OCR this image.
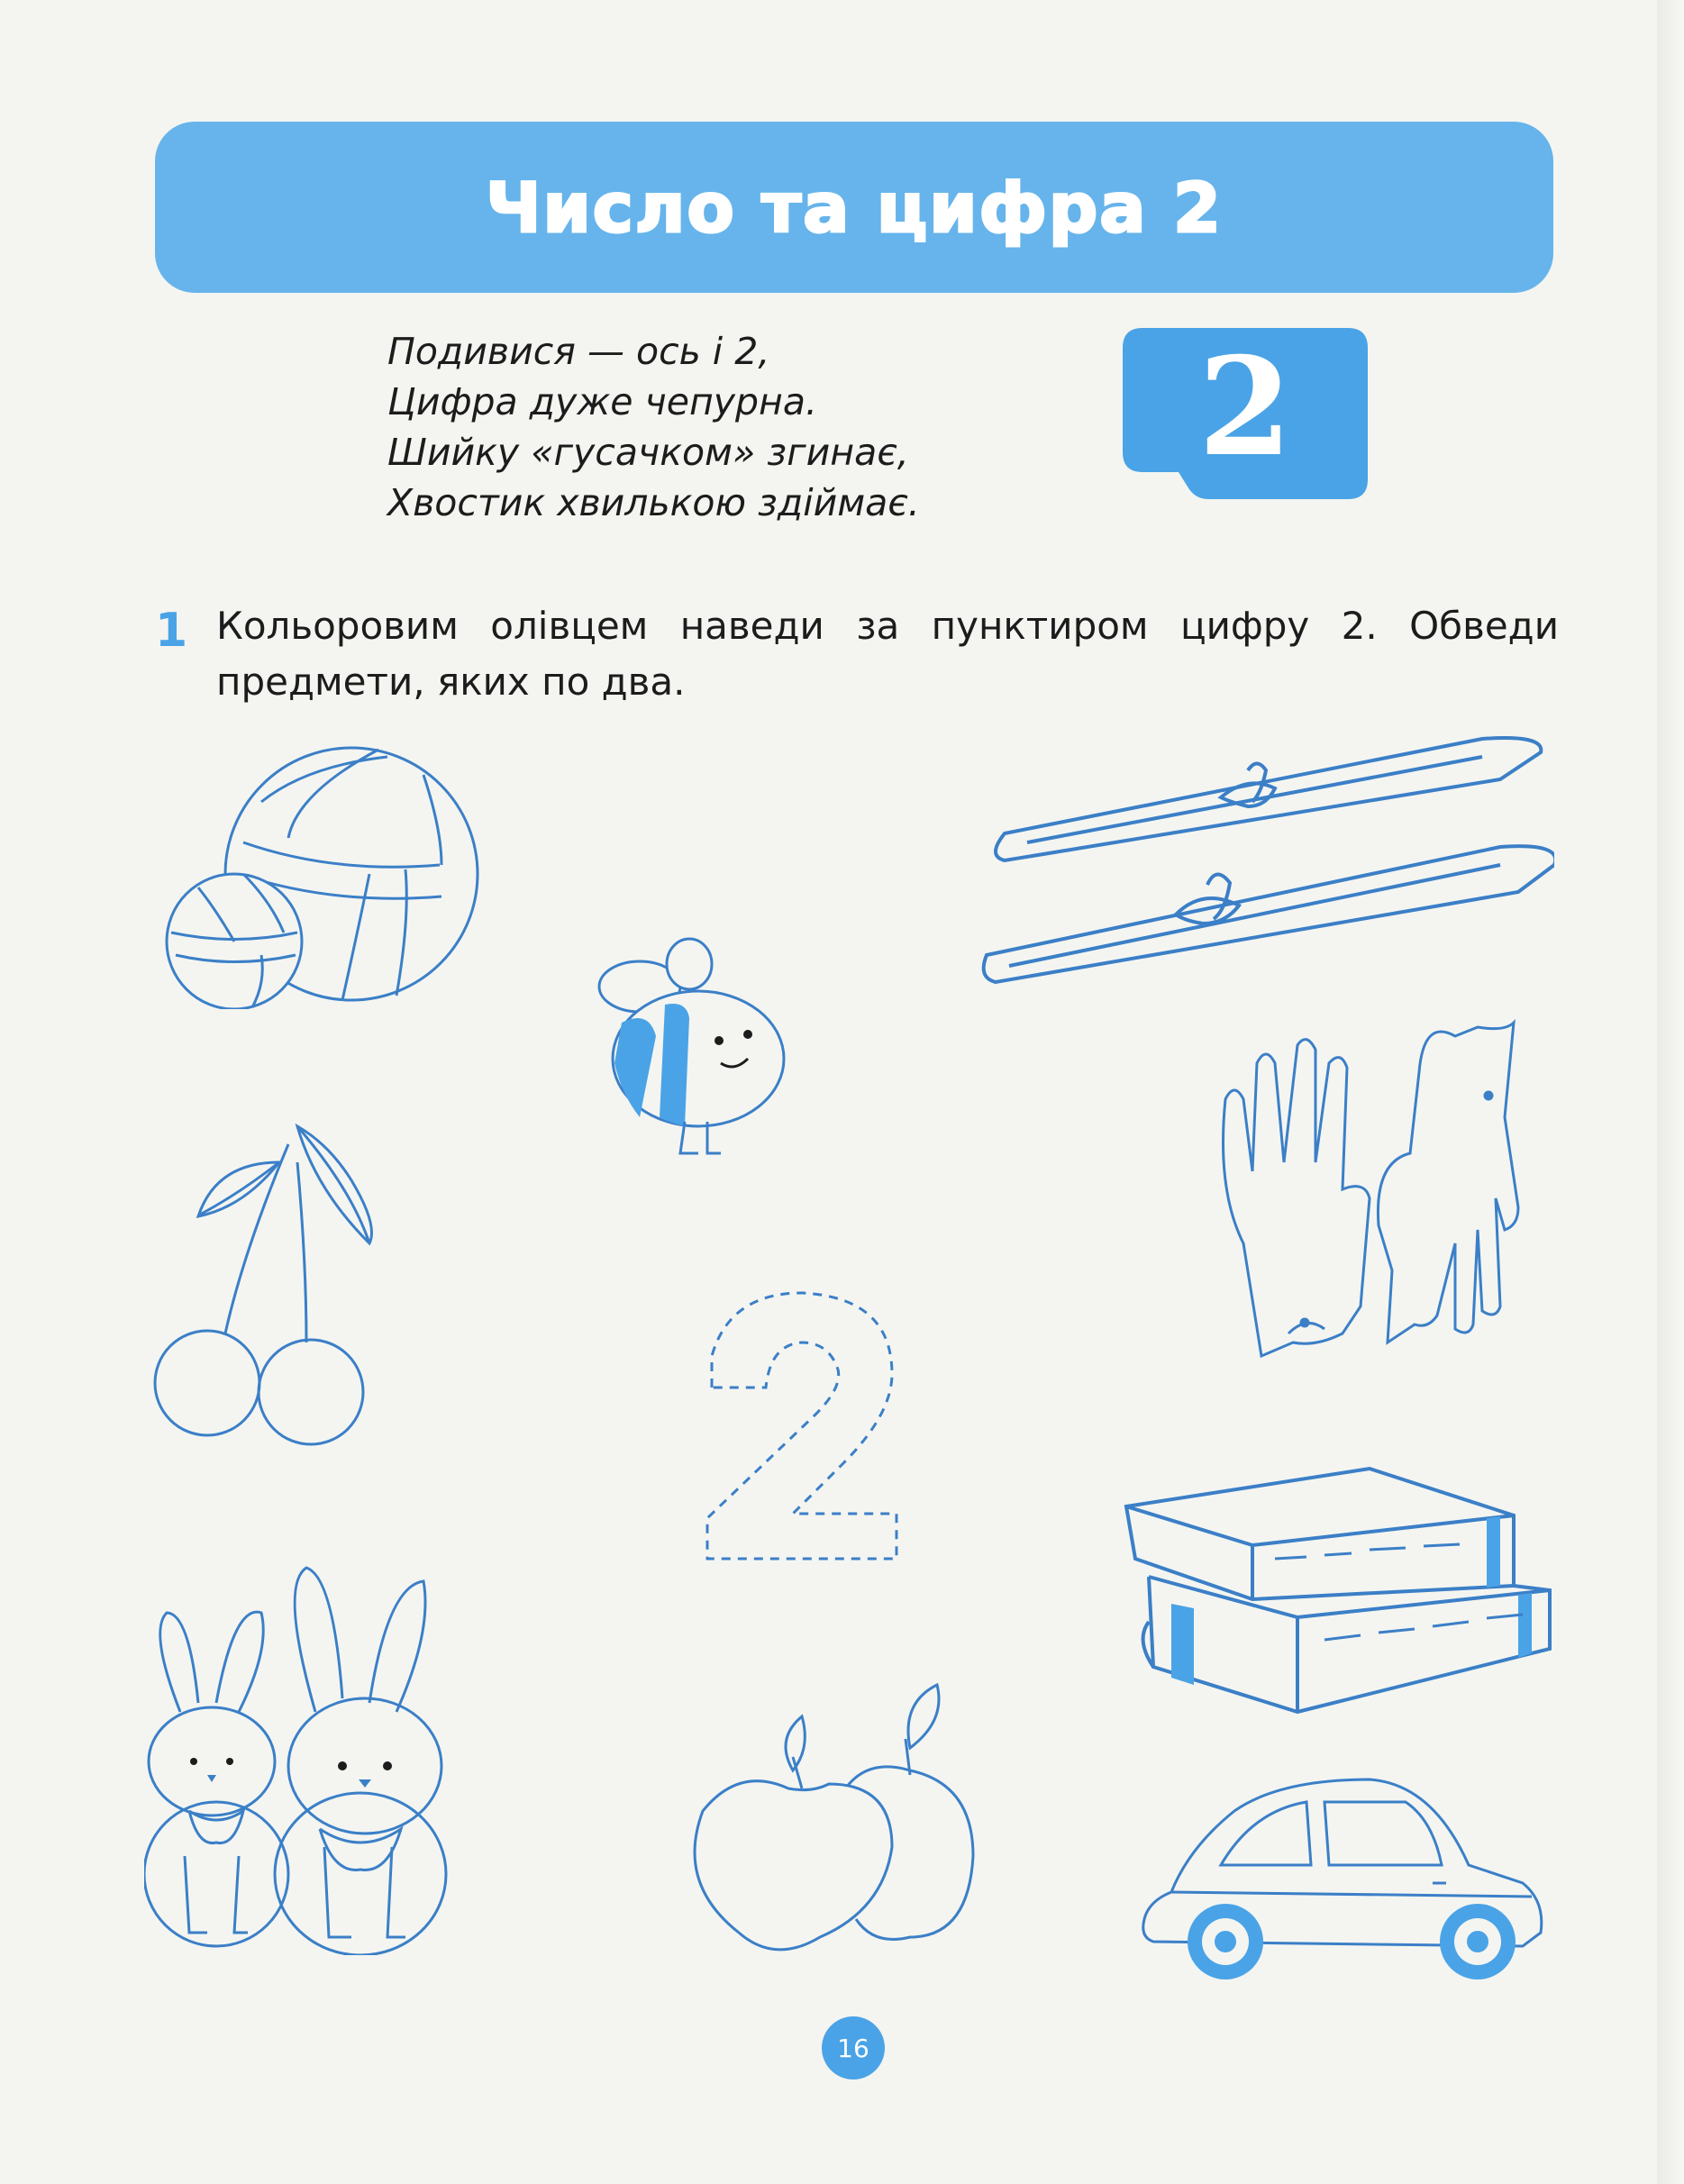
Число та цифра 2
Подивися — ось і 2,
Цифра дуже чепурна.
Шийку «гусачком» згинає,
Хвостик хвилькою здіймає.
2
1 Кольоровим олівцем наведи за пунктиром цифру 2. Обведи предмети, яких по два.
16
